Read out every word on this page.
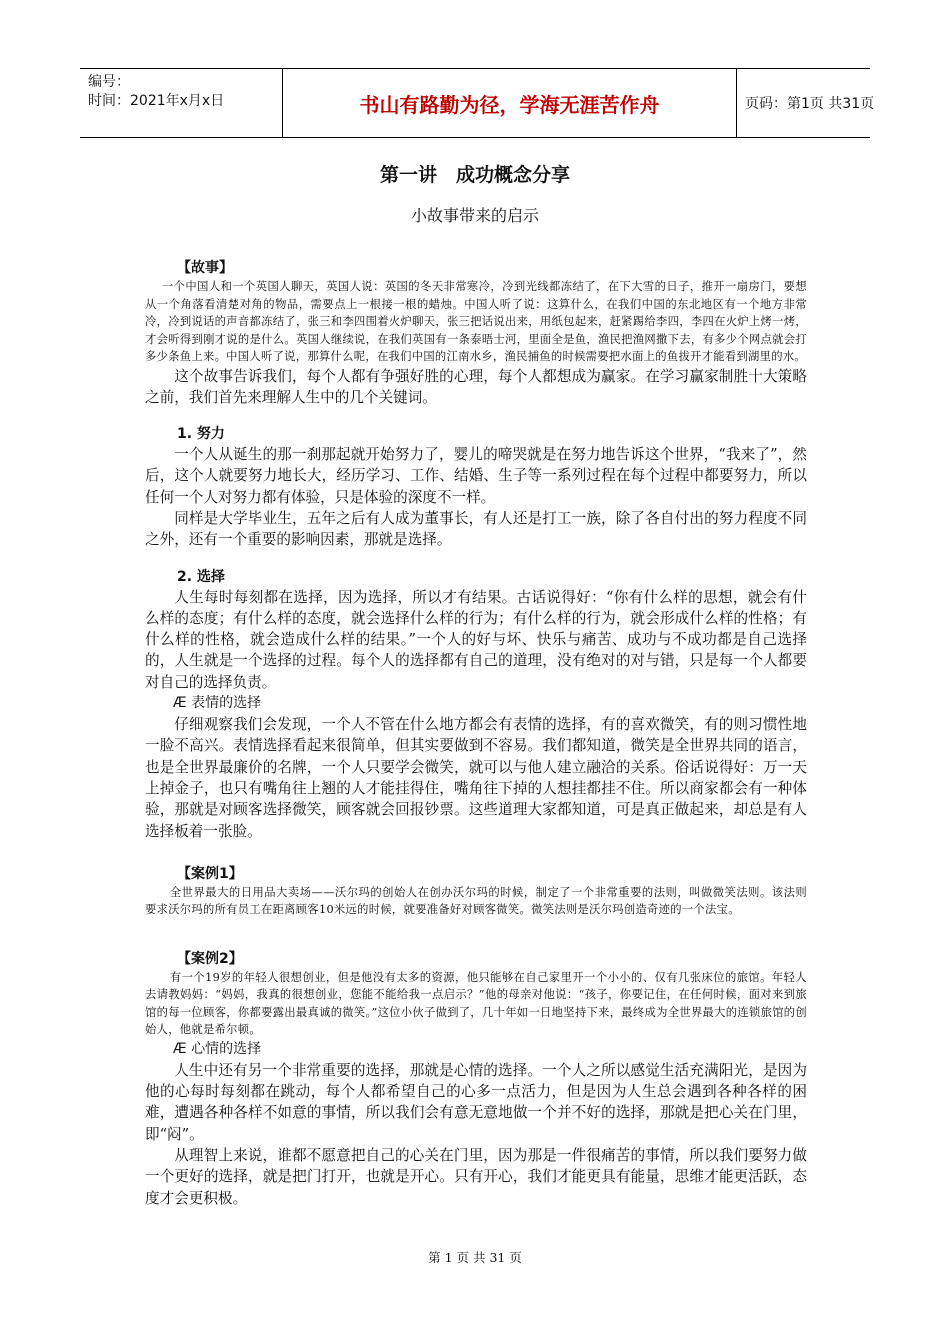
编号：
时间：2021年x月x日	书山有路勤为径，学海无涯苦作舟	页码：第1页 共31页
第一讲　成功概念分享
小故事带来的启示

【故事】

一个中国人和一个英国人聊天，英国人说：英国的冬天非常寒冷，冷到光线都冻结了，在下大雪的日子，推开一扇房门，要想从一个角落看清楚对角的物品，需要点上一根接一根的蜡烛。中国人听了说：这算什么，在我们中国的东北地区有一个地方非常冷，冷到说话的声音都冻结了，张三和李四围着火炉聊天，张三把话说出来，用纸包起来，赶紧踢给李四，李四在火炉上烤一烤，才会听得到刚才说的是什么。英国人继续说，在我们英国有一条泰晤士河，里面全是鱼，渔民把渔网撒下去，有多少个网点就会打多少条鱼上来。中国人听了说，那算什么呢，在我们中国的江南水乡，渔民捕鱼的时候需要把水面上的鱼拔开才能看到湖里的水。

这个故事告诉我们，每个人都有争强好胜的心理，每个人都想成为赢家。在学习赢家制胜十大策略之前，我们首先来理解人生中的几个关键词。

1. 努力

一个人从诞生的那一刹那起就开始努力了，婴儿的啼哭就是在努力地告诉这个世界，“我来了”，然后，这个人就要努力地长大，经历学习、工作、结婚、生子等一系列过程在每个过程中都要努力，所以任何一个人对努力都有体验，只是体验的深度不一样。

同样是大学毕业生，五年之后有人成为董事长，有人还是打工一族，除了各自付出的努力程度不同之外，还有一个重要的影响因素，那就是选择。

2. 选择

人生每时每刻都在选择，因为选择，所以才有结果。古话说得好：“你有什么样的思想，就会有什么样的态度；有什么样的态度，就会选择什么样的行为；有什么样的行为，就会形成什么样的性格；有什么样的性格，就会造成什么样的结果。”一个人的好与坏、快乐与痛苦、成功与不成功都是自己选择的，人生就是一个选择的过程。每个人的选择都有自己的道理，没有绝对的对与错，只是每一个人都要对自己的选择负责。

Æ 表情的选择

仔细观察我们会发现，一个人不管在什么地方都会有表情的选择，有的喜欢微笑，有的则习惯性地一脸不高兴。表情选择看起来很简单，但其实要做到不容易。我们都知道，微笑是全世界共同的语言，也是全世界最廉价的名牌，一个人只要学会微笑，就可以与他人建立融洽的关系。俗话说得好：万一天上掉金子，也只有嘴角往上翘的人才能挂得住，嘴角往下掉的人想挂都挂不住。所以商家都会有一种体验，那就是对顾客选择微笑，顾客就会回报钞票。这些道理大家都知道，可是真正做起来，却总是有人选择板着一张脸。

【案例1】

全世界最大的日用品大卖场——沃尔玛的创始人在创办沃尔玛的时候，制定了一个非常重要的法则，叫做微笑法则。该法则要求沃尔玛的所有员工在距离顾客10米远的时候，就要准备好对顾客微笑。微笑法则是沃尔玛创造奇迹的一个法宝。

【案例2】

有一个19岁的年轻人很想创业，但是他没有太多的资源，他只能够在自己家里开一个小小的、仅有几张床位的旅馆。年轻人去请教妈妈：“妈妈，我真的很想创业，您能不能给我一点启示？”他的母亲对他说：“孩子，你要记住，在任何时候，面对来到旅馆的每一位顾客，你都要露出最真诚的微笑。”这位小伙子做到了，几十年如一日地坚持下来，最终成为全世界最大的连锁旅馆的创始人，他就是希尔顿。

Æ 心情的选择

人生中还有另一个非常重要的选择，那就是心情的选择。一个人之所以感觉生活充满阳光，是因为他的心每时每刻都在跳动，每个人都希望自己的心多一点活力，但是因为人生总会遇到各种各样的困难，遭遇各种各样不如意的事情，所以我们会有意无意地做一个并不好的选择，那就是把心关在门里，即“闷”。

从理智上来说，谁都不愿意把自己的心关在门里，因为那是一件很痛苦的事情，所以我们要努力做一个更好的选择，就是把门打开，也就是开心。只有开心，我们才能更具有能量，思维才能更活跃，态度才会更积极。

第 1 页 共 31 页
